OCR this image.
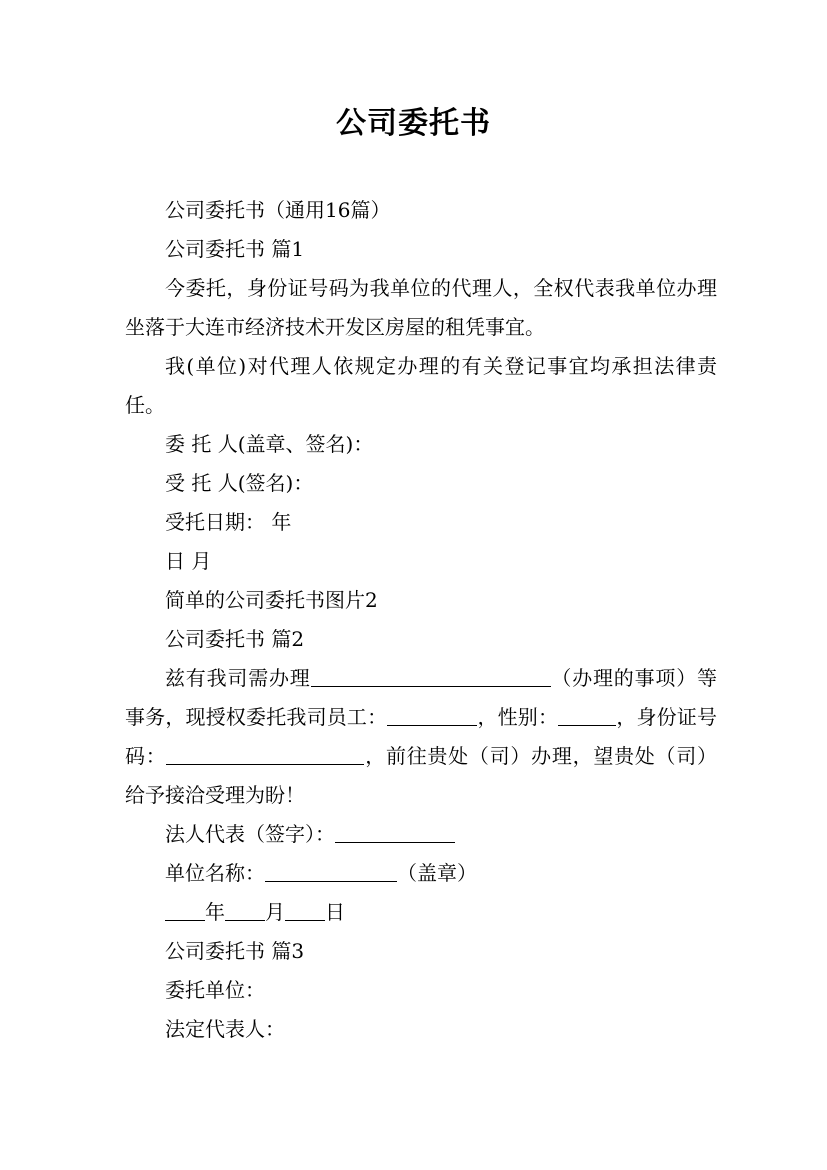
公司委托书

公司委托书（通用16篇）

公司委托书 篇1

今委托，身份证号码为我单位的代理人，全权代表我单位办理坐落于大连市经济技术开发区房屋的租凭事宜。

我(单位)对代理人依规定办理的有关登记事宜均承担法律责任。

委 托 人(盖章、签名)：

受 托 人(签名)：

受托日期： 年

日 月

简单的公司委托书图片2

公司委托书 篇2

兹有我司需办理	（办理的事项）等事务，现授权委托我司员工：	，性别：	，身份证号码：	，前往贵处（司）办理，望贵处（司）给予接洽受理为盼！

法人代表（签字）：

单位名称：	（盖章）

年 月 日

公司委托书 篇3

委托单位：

法定代表人：
